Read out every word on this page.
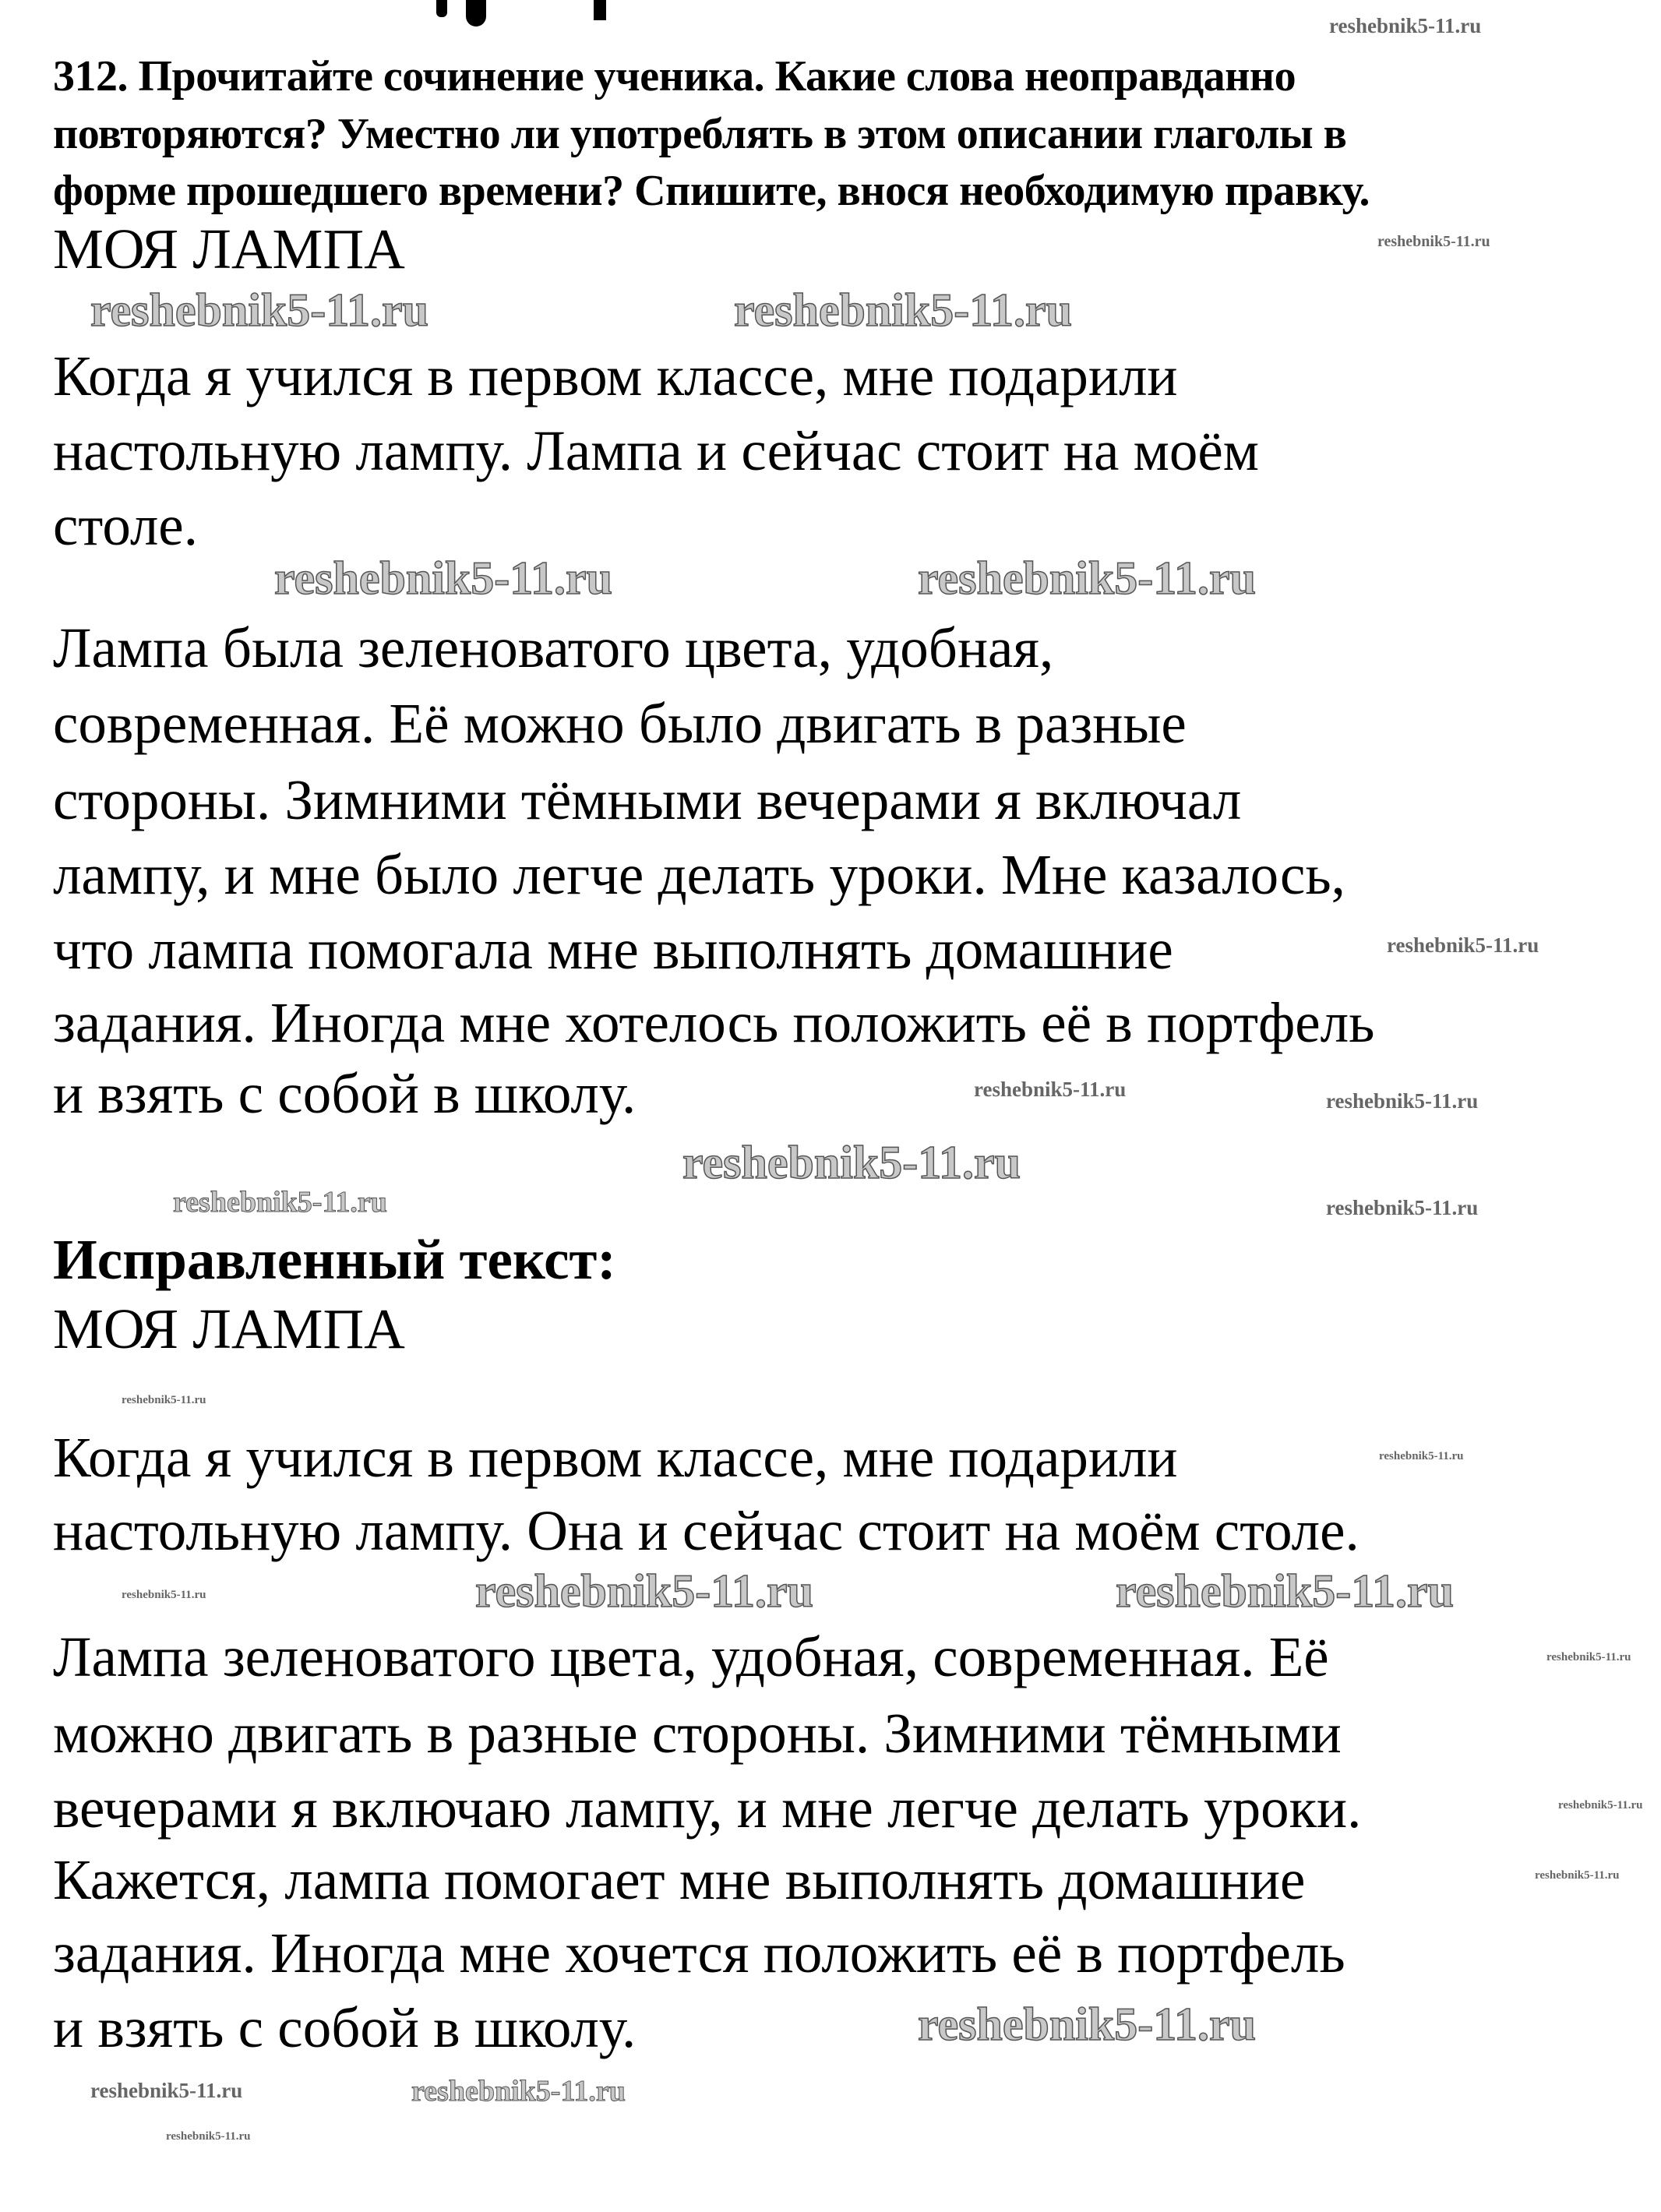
312. Прочитайте сочинение ученика. Какие слова неоправданно
повторяются? Уместно ли употреблять в этом описании глаголы в
форме прошедшего времени? Спишите, внося необходимую правку.
МОЯ ЛАМПА
Когда я учился в первом классе, мне подарили
настольную лампу. Лампа и сейчас стоит на моём
столе.
Лампа была зеленоватого цвета, удобная,
современная. Её можно было двигать в разные
стороны. Зимними тёмными вечерами я включал
лампу, и мне было легче делать уроки. Мне казалось,
что лампа помогала мне выполнять домашние
задания. Иногда мне хотелось положить её в портфель
и взять с собой в школу.
Исправленный текст:
МОЯ ЛАМПА
Когда я учился в первом классе, мне подарили
настольную лампу. Она и сейчас стоит на моём столе.
Лампа зеленоватого цвета, удобная, современная. Её
можно двигать в разные стороны. Зимними тёмными
вечерами я включаю лампу, и мне легче делать уроки.
Кажется, лампа помогает мне выполнять домашние
задания. Иногда мне хочется положить её в портфель
и взять с собой в школу.
reshebnik5-11.ru
reshebnik5-11.ru	reshebnik5-11.ru
reshebnik5-11.ru
reshebnik5-11.ru	reshebnik5-11.ru
reshebnik5-11.ru
reshebnik5-11.ru	reshebnik5-11.ru
reshebnik5-11.ru
reshebnik5-11.ru
reshebnik5-11.ru
reshebnik5-11.ru
reshebnik5-11.ru
reshebnik5-11.ru	reshebnik5-11.ru
reshebnik5-11.ru
reshebnik5-11.ru
reshebnik5-11.ru
reshebnik5-11.ru
reshebnik5-11.ru	reshebnik5-11.ru
reshebnik5-11.ru
reshebnik5-11.ru
